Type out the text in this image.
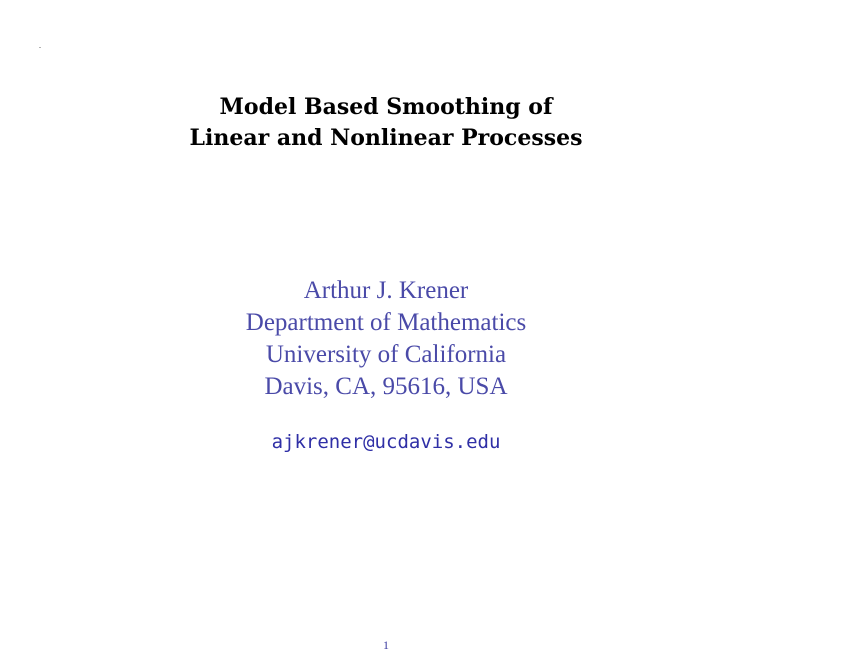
.
Model Based Smoothing of
Linear and Nonlinear Processes
Arthur J. Krener
Department of Mathematics
University of California
Davis, CA, 95616, USA
ajkrener@ucdavis.edu
1
